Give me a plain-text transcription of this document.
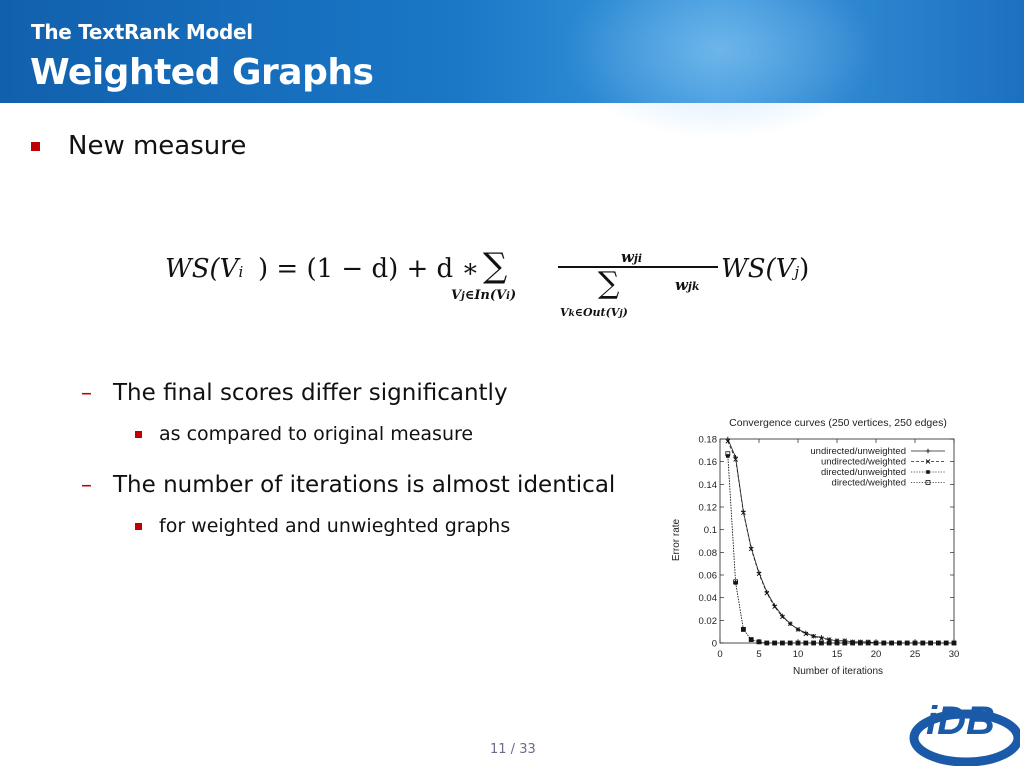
The TextRank Model
Weighted Graphs
New measure
WS(Vi ) = (1 − d) + d ∗ ∑
Vj∈In(Vi)
wji
∑	wjk
Vk∈Out(Vj)
WS(Vj)
– The final scores differ significantly
as compared to original measure
– The number of iterations is almost identical
for weighted and unwieghted graphs
Convergence curves (250 vertices, 250 edges)
Number of iterations
Error rate
0
0.02
0.04
0.06
0.08
0.1
0.12
0.14
0.16
0.18
0	5	10	15	20	25	30
undirected/unweighted
undirected/weighted
directed/unweighted
directed/weighted
11 / 33
iDB
INTERNET DATABASE LAB
